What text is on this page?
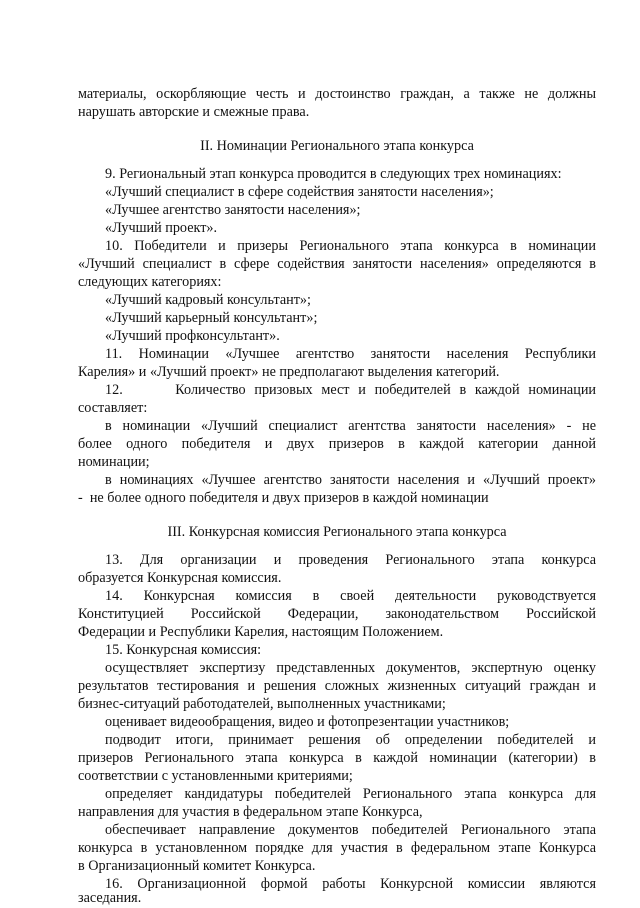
материалы, оскорбляющие честь и достоинство граждан, а также не должны

нарушать авторские и смежные права.

II. Номинации Регионального этапа конкурса

9. Региональный этап конкурса проводится в следующих трех номинациях:

«Лучший специалист в сфере содействия занятости населения»;

«Лучшее агентство занятости населения»;

«Лучший проект».

10. Победители и призеры Регионального этапа конкурса в номинации

«Лучший специалист в сфере содействия занятости населения» определяются в

следующих категориях:

«Лучший кадровый консультант»;

«Лучший карьерный консультант»;

«Лучший профконсультант».

11. Номинации «Лучшее агентство занятости населения Республики

Карелия» и «Лучший проект» не предполагают выделения категорий.

12.      Количество призовых мест и победителей в каждой номинации

составляет:

в номинации «Лучший специалист агентства занятости населения» - не

более одного победителя и двух призеров в каждой категории данной

номинации;

в номинациях «Лучшее агентство занятости населения и «Лучший проект»

-  не более одного победителя и двух призеров в каждой номинации

III. Конкурсная комиссия Регионального этапа конкурса

13. Для организации и проведения Регионального этапа конкурса

образуется Конкурсная комиссия.

14. Конкурсная комиссия в своей деятельности руководствуется

Конституцией Российской Федерации, законодательством Российской

Федерации и Республики Карелия, настоящим Положением.

15. Конкурсная комиссия:

осуществляет экспертизу представленных документов, экспертную оценку

результатов тестирования и решения сложных жизненных ситуаций граждан и

бизнес-ситуаций работодателей, выполненных участниками;

оценивает видеообращения, видео и фотопрезентации участников;

подводит итоги, принимает решения об определении победителей и

призеров Регионального этапа конкурса в каждой номинации (категории) в

соответствии с установленными критериями;

определяет кандидатуры победителей Регионального этапа конкурса для

направления для участия в федеральном этапе Конкурса,

обеспечивает направление документов победителей Регионального этапа

конкурса в установленном порядке для участия в федеральном этапе Конкурса

в Организационный комитет Конкурса.

16. Организационной формой работы Конкурсной комиссии являются

заседания.
